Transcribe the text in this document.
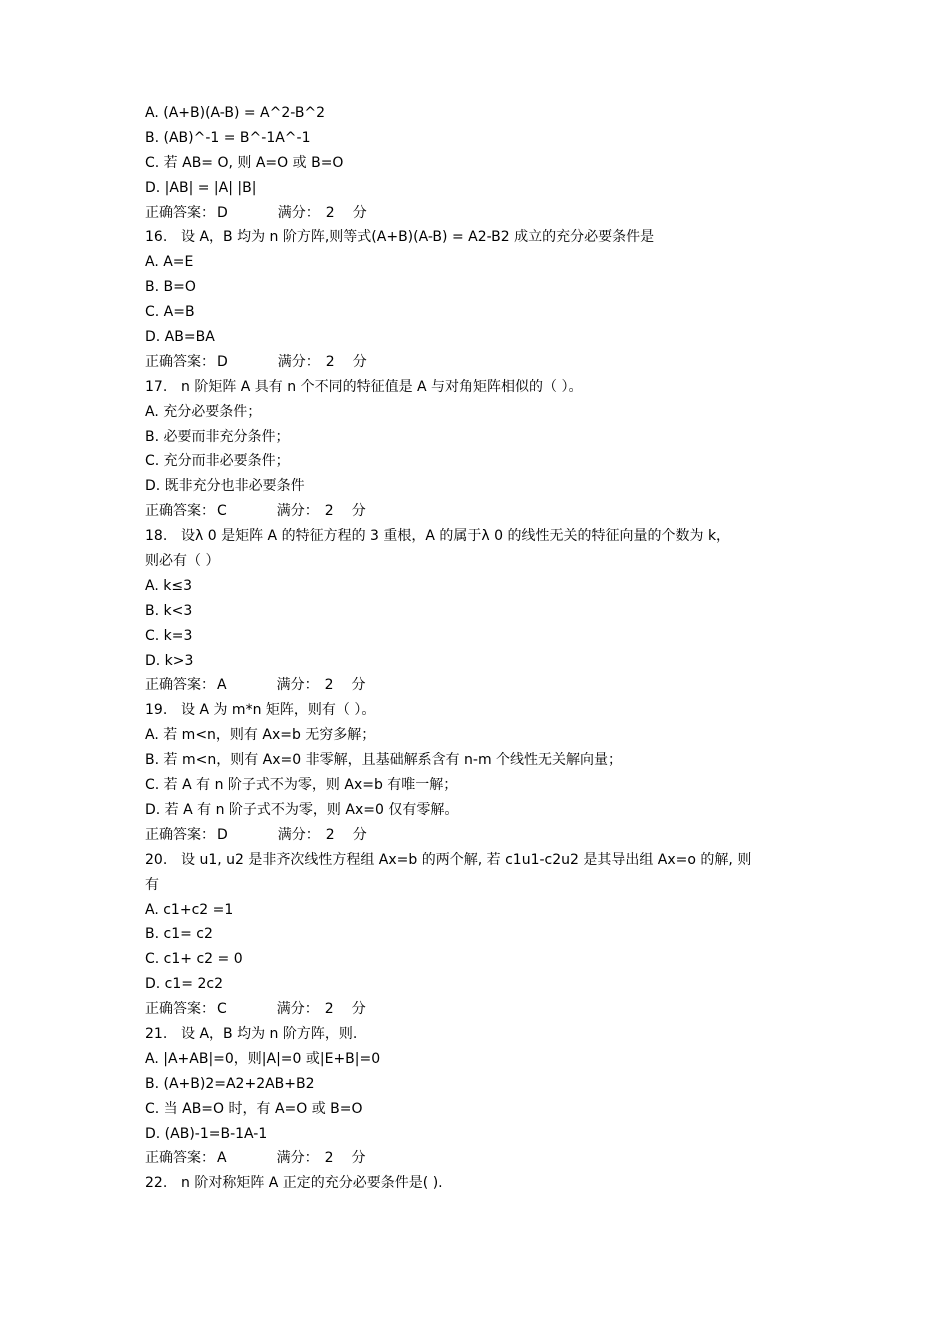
A. (A+B)(A-B) = A^2-B^2
B. (AB)^-1 = B^-1A^-1
C. 若 AB= O, 则 A=O 或 B=O
D. |AB| = |A| |B|
正确答案： D	满分： 2 分
16. 设 A，B 均为 n 阶方阵,则等式(A+B)(A-B) = A2-B2 成立的充分必要条件是
A. A=E
B. B=O
C. A=B
D. AB=BA
正确答案： D	满分： 2 分
17. n 阶矩阵 A 具有 n 个不同的特征值是 A 与对角矩阵相似的（ ）。
A. 充分必要条件；
B. 必要而非充分条件；
C. 充分而非必要条件；
D. 既非充分也非必要条件
正确答案： C	满分： 2 分
18. 设λ 0 是矩阵 A 的特征方程的 3 重根，A 的属于λ 0 的线性无关的特征向量的个数为 k，
则必有（ ）
A. k≤3
B. k<3
C. k=3
D. k>3
正确答案： A	满分： 2 分
19. 设 A 为 m*n 矩阵，则有（ ）。
A. 若 m<n，则有 Ax=b 无穷多解；
B. 若 m<n，则有 Ax=0 非零解，且基础解系含有 n-m 个线性无关解向量；
C. 若 A 有 n 阶子式不为零，则 Ax=b 有唯一解；
D. 若 A 有 n 阶子式不为零，则 Ax=0 仅有零解。
正确答案： D	满分： 2 分
20. 设 u1, u2 是非齐次线性方程组 Ax=b 的两个解, 若 c1u1-c2u2 是其导出组 Ax=o 的解, 则
有
A. c1+c2 =1
B. c1= c2
C. c1+ c2 = 0
D. c1= 2c2
正确答案： C	满分： 2 分
21. 设 A，B 均为 n 阶方阵，则.
A. |A+AB|=0，则|A|=0 或|E+B|=0
B. (A+B)2=A2+2AB+B2
C. 当 AB=O 时，有 A=O 或 B=O
D. (AB)-1=B-1A-1
正确答案： A	满分： 2 分
22. n 阶对称矩阵 A 正定的充分必要条件是( ).
